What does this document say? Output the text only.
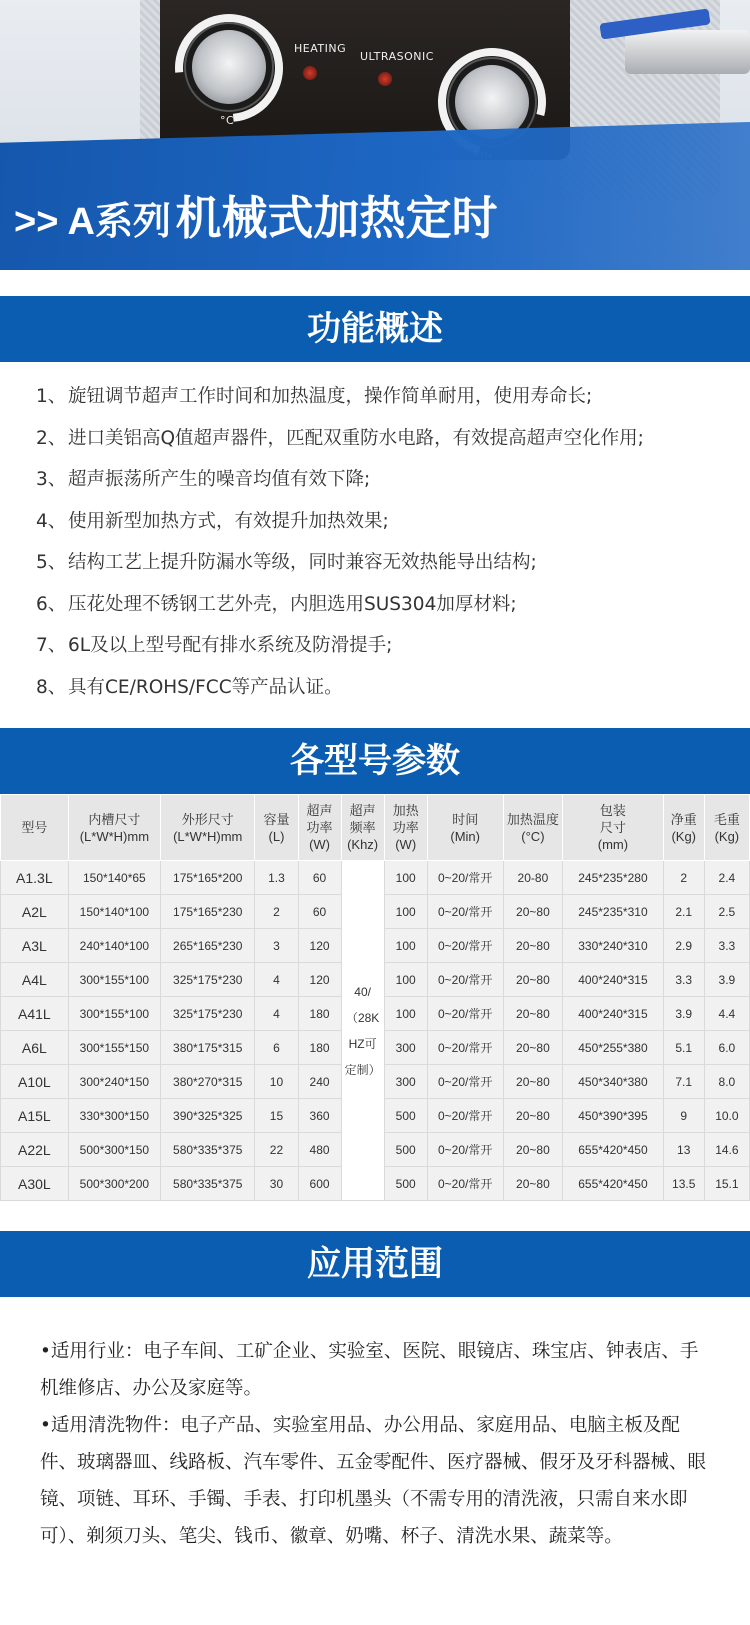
HEATING
ULTRASONIC
°C
>> A系列 机械式加热定时
功能概述
1、 旋钮调节超声工作时间和加热温度，操作简单耐用，使用寿命长;
2、 进口美铝高Q值超声器件，匹配双重防水电路，有效提高超声空化作用;
3、 超声振荡所产生的噪音均值有效下降;
4、 使用新型加热方式，有效提升加热效果;
5、 结构工艺上提升防漏水等级，同时兼容无效热能导出结构;
6、 压花处理不锈钢工艺外壳，内胆选用SUS304加厚材料;
7、 6L及以上型号配有排水系统及防滑提手;
8、 具有CE/ROHS/FCC等产品认证。
各型号参数
型号	内槽尺寸
(L*W*H)mm	外形尺寸
(L*W*H)mm	容量
(L)	超声
功率
(W)	超声
频率
(Khz)	加热
功率
(W)	时间
(Min)	加热温度
(°C)	包装
尺寸
(mm)	净重
(Kg)	毛重
(Kg)
A1.3L	150*140*65	175*165*200	1.3	60	40/
（28K
HZ可
定制）	100	0~20/常开	20-80	245*235*280	2	2.4
A2L	150*140*100	175*165*230	2	60		100	0~20/常开	20~80	245*235*310	2.1	2.5
A3L	240*140*100	265*165*230	3	120		100	0~20/常开	20~80	330*240*310	2.9	3.3
A4L	300*155*100	325*175*230	4	120		100	0~20/常开	20~80	400*240*315	3.3	3.9
A41L	300*155*100	325*175*230	4	180		100	0~20/常开	20~80	400*240*315	3.9	4.4
A6L	300*155*150	380*175*315	6	180		300	0~20/常开	20~80	450*255*380	5.1	6.0
A10L	300*240*150	380*270*315	10	240		300	0~20/常开	20~80	450*340*380	7.1	8.0
A15L	330*300*150	390*325*325	15	360		500	0~20/常开	20~80	450*390*395	9	10.0
A22L	500*300*150	580*335*375	22	480		500	0~20/常开	20~80	655*420*450	13	14.6
A30L	500*300*200	580*335*375	30	600		500	0~20/常开	20~80	655*420*450	13.5	15.1
应用范围

•适用行业：电子车间、工矿企业、实验室、医院、眼镜店、珠宝店、钟表店、手机维修店、办公及家庭等。

•适用清洗物件：电子产品、实验室用品、办公用品、家庭用品、电脑主板及配件、玻璃器皿、线路板、汽车零件、五金零配件、医疗器械、假牙及牙科器械、眼镜、项链、耳环、手镯、手表、打印机墨头（不需专用的清洗液，只需自来水即可）、剃须刀头、笔尖、钱币、徽章、奶嘴、杯子、清洗水果、蔬菜等。
